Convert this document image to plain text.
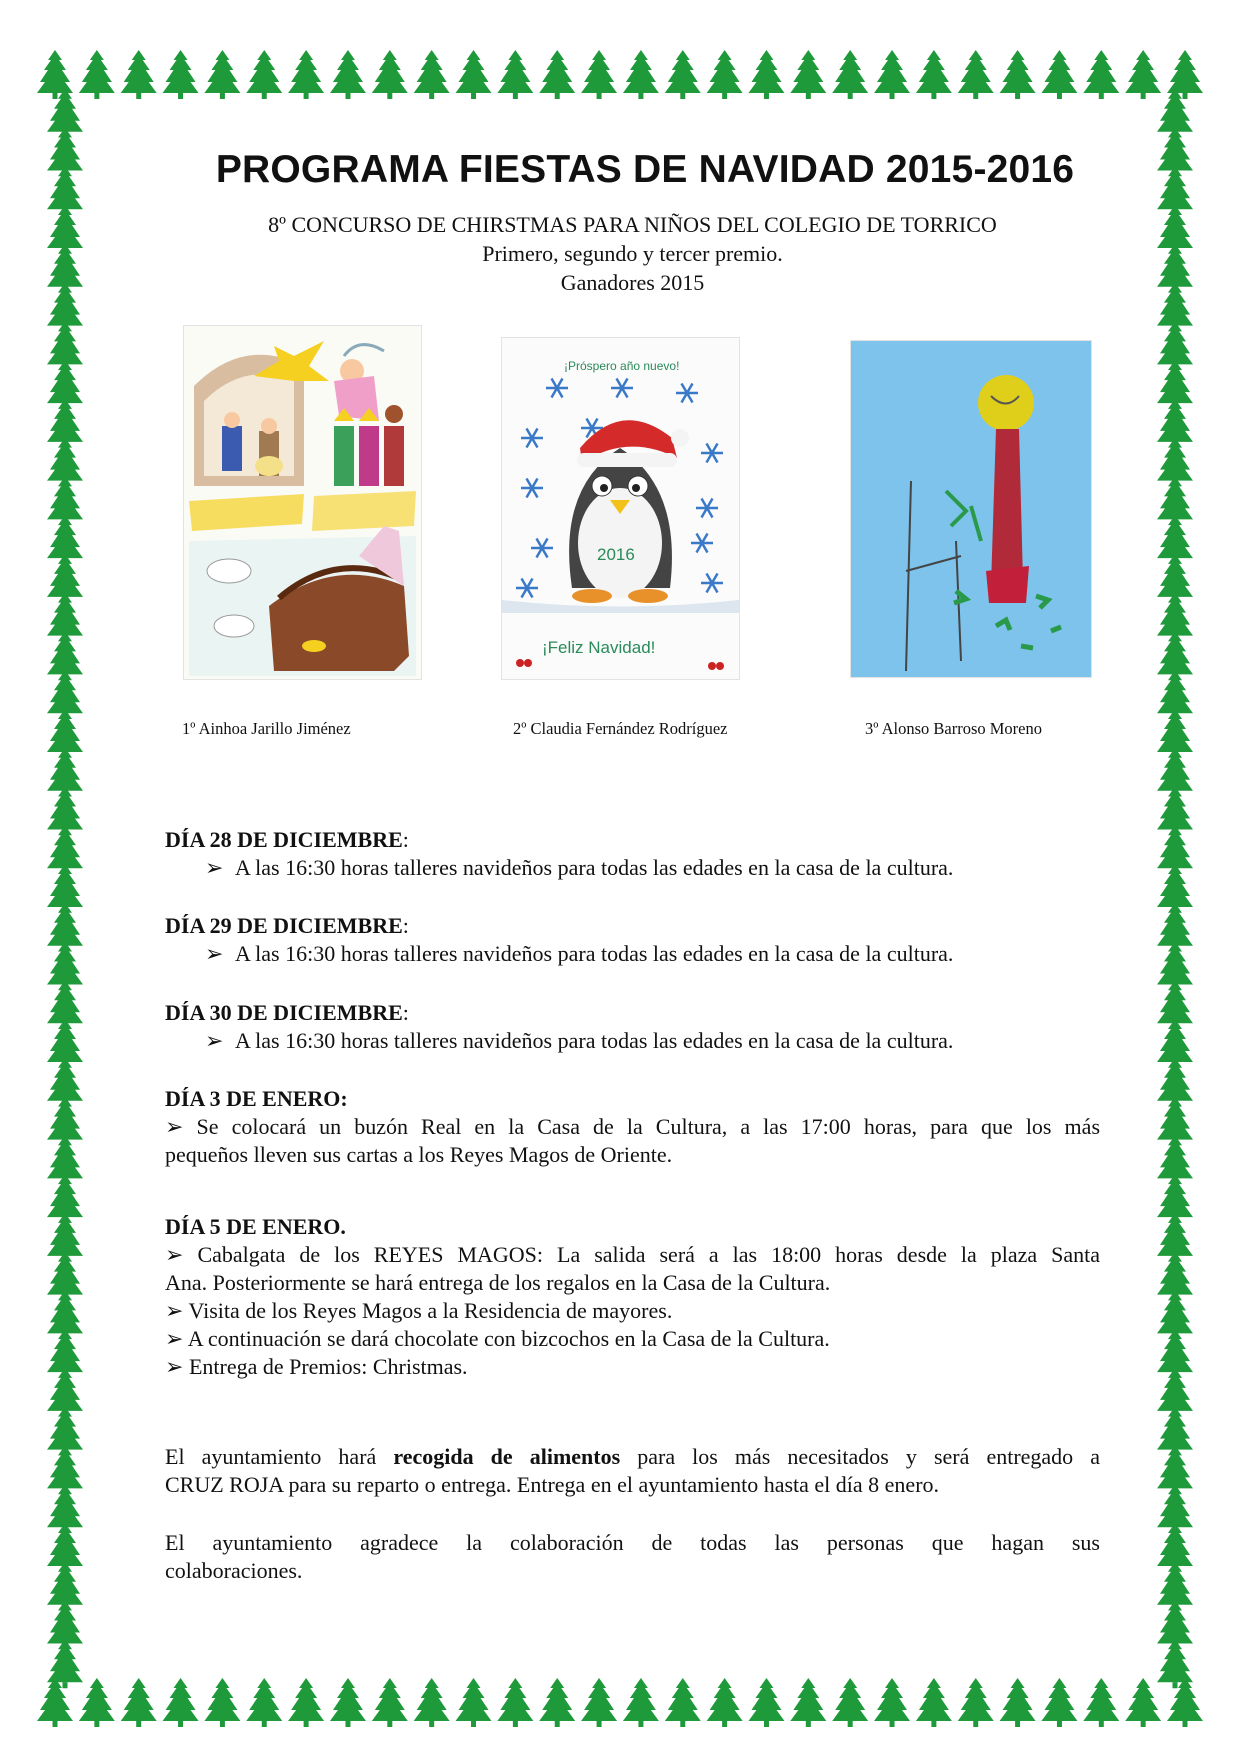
PROGRAMA FIESTAS DE NAVIDAD 2015-2016
8º CONCURSO DE CHIRSTMAS PARA NIÑOS DEL COLEGIO DE TORRICO
Primero, segundo y tercer premio.
Ganadores 2015
¡Próspero año nuevo!
2016
¡Feliz Navidad!
1º Ainhoa Jarillo Jiménez	2º Claudia Fernández Rodríguez	3º Alonso Barroso Moreno

DÍA 28 DE DICIEMBRE:

➢ A las 16:30 horas talleres navideños para todas las edades en la casa de la cultura.

DÍA 29 DE DICIEMBRE:

➢ A las 16:30 horas talleres navideños para todas las edades en la casa de la cultura.

DÍA 30 DE DICIEMBRE:

➢ A las 16:30 horas talleres navideños para todas las edades en la casa de la cultura.

DÍA 3 DE ENERO:

➢ Se colocará un buzón Real en la Casa de la Cultura, a las 17:00 horas, para que los más

pequeños lleven sus cartas a los Reyes Magos de Oriente.

DÍA 5 DE ENERO.

➢ Cabalgata de los REYES MAGOS: La salida será a las 18:00 horas desde la plaza Santa

Ana. Posteriormente se hará entrega de los regalos en la Casa de la Cultura.

➢ Visita de los Reyes Magos a la Residencia de mayores.

➢ A continuación se dará chocolate con bizcochos en la Casa de la Cultura.

➢ Entrega de Premios: Christmas.

El ayuntamiento hará recogida de alimentos para los más necesitados y será entregado a

CRUZ ROJA para su reparto o entrega. Entrega en el ayuntamiento hasta el día 8 enero.

El ayuntamiento agradece la colaboración de todas las personas que hagan sus

colaboraciones.
